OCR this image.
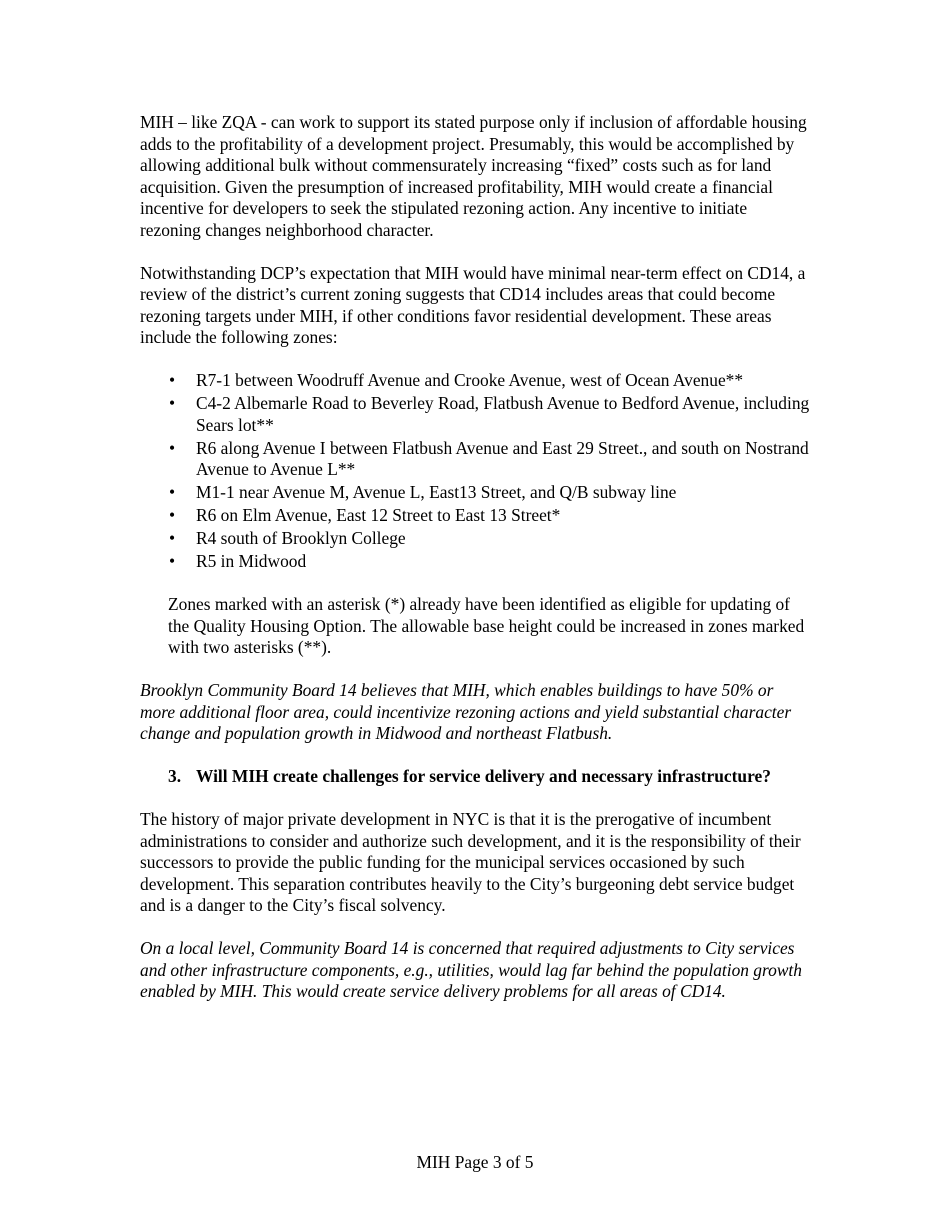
MIH – like ZQA - can work to support its stated purpose only if inclusion of affordable housing adds to the profitability of a development project. Presumably, this would be accomplished by allowing additional bulk without commensurately increasing “fixed” costs such as for land acquisition. Given the presumption of increased profitability, MIH would create a financial incentive for developers to seek the stipulated rezoning action. Any incentive to initiate rezoning changes neighborhood character.

Notwithstanding DCP’s expectation that MIH would have minimal near-term effect on CD14, a review of the district’s current zoning suggests that CD14 includes areas that could become rezoning targets under MIH, if other conditions favor residential development. These areas include the following zones:

• R7-1 between Woodruff Avenue and Crooke Avenue, west of Ocean Avenue**
• C4-2 Albemarle Road to Beverley Road, Flatbush Avenue to Bedford Avenue, including Sears lot**
• R6 along Avenue I between Flatbush Avenue and East 29 Street., and south on Nostrand Avenue to Avenue L**
• M1-1 near Avenue M, Avenue L, East13 Street, and Q/B subway line
• R6 on Elm Avenue, East 12 Street to East 13 Street*
• R4 south of Brooklyn College
• R5 in Midwood

Zones marked with an asterisk (*) already have been identified as eligible for updating of the Quality Housing Option. The allowable base height could be increased in zones marked with two asterisks (**).

Brooklyn Community Board 14 believes that MIH, which enables buildings to have 50% or more additional floor area, could incentivize rezoning actions and yield substantial character change and population growth in Midwood and northeast Flatbush.

3. Will MIH create challenges for service delivery and necessary infrastructure?

The history of major private development in NYC is that it is the prerogative of incumbent administrations to consider and authorize such development, and it is the responsibility of their successors to provide the public funding for the municipal services occasioned by such development. This separation contributes heavily to the City’s burgeoning debt service budget and is a danger to the City’s fiscal solvency.

On a local level, Community Board 14 is concerned that required adjustments to City services and other infrastructure components, e.g., utilities, would lag far behind the population growth enabled by MIH. This would create service delivery problems for all areas of CD14.

MIH Page 3 of 5
